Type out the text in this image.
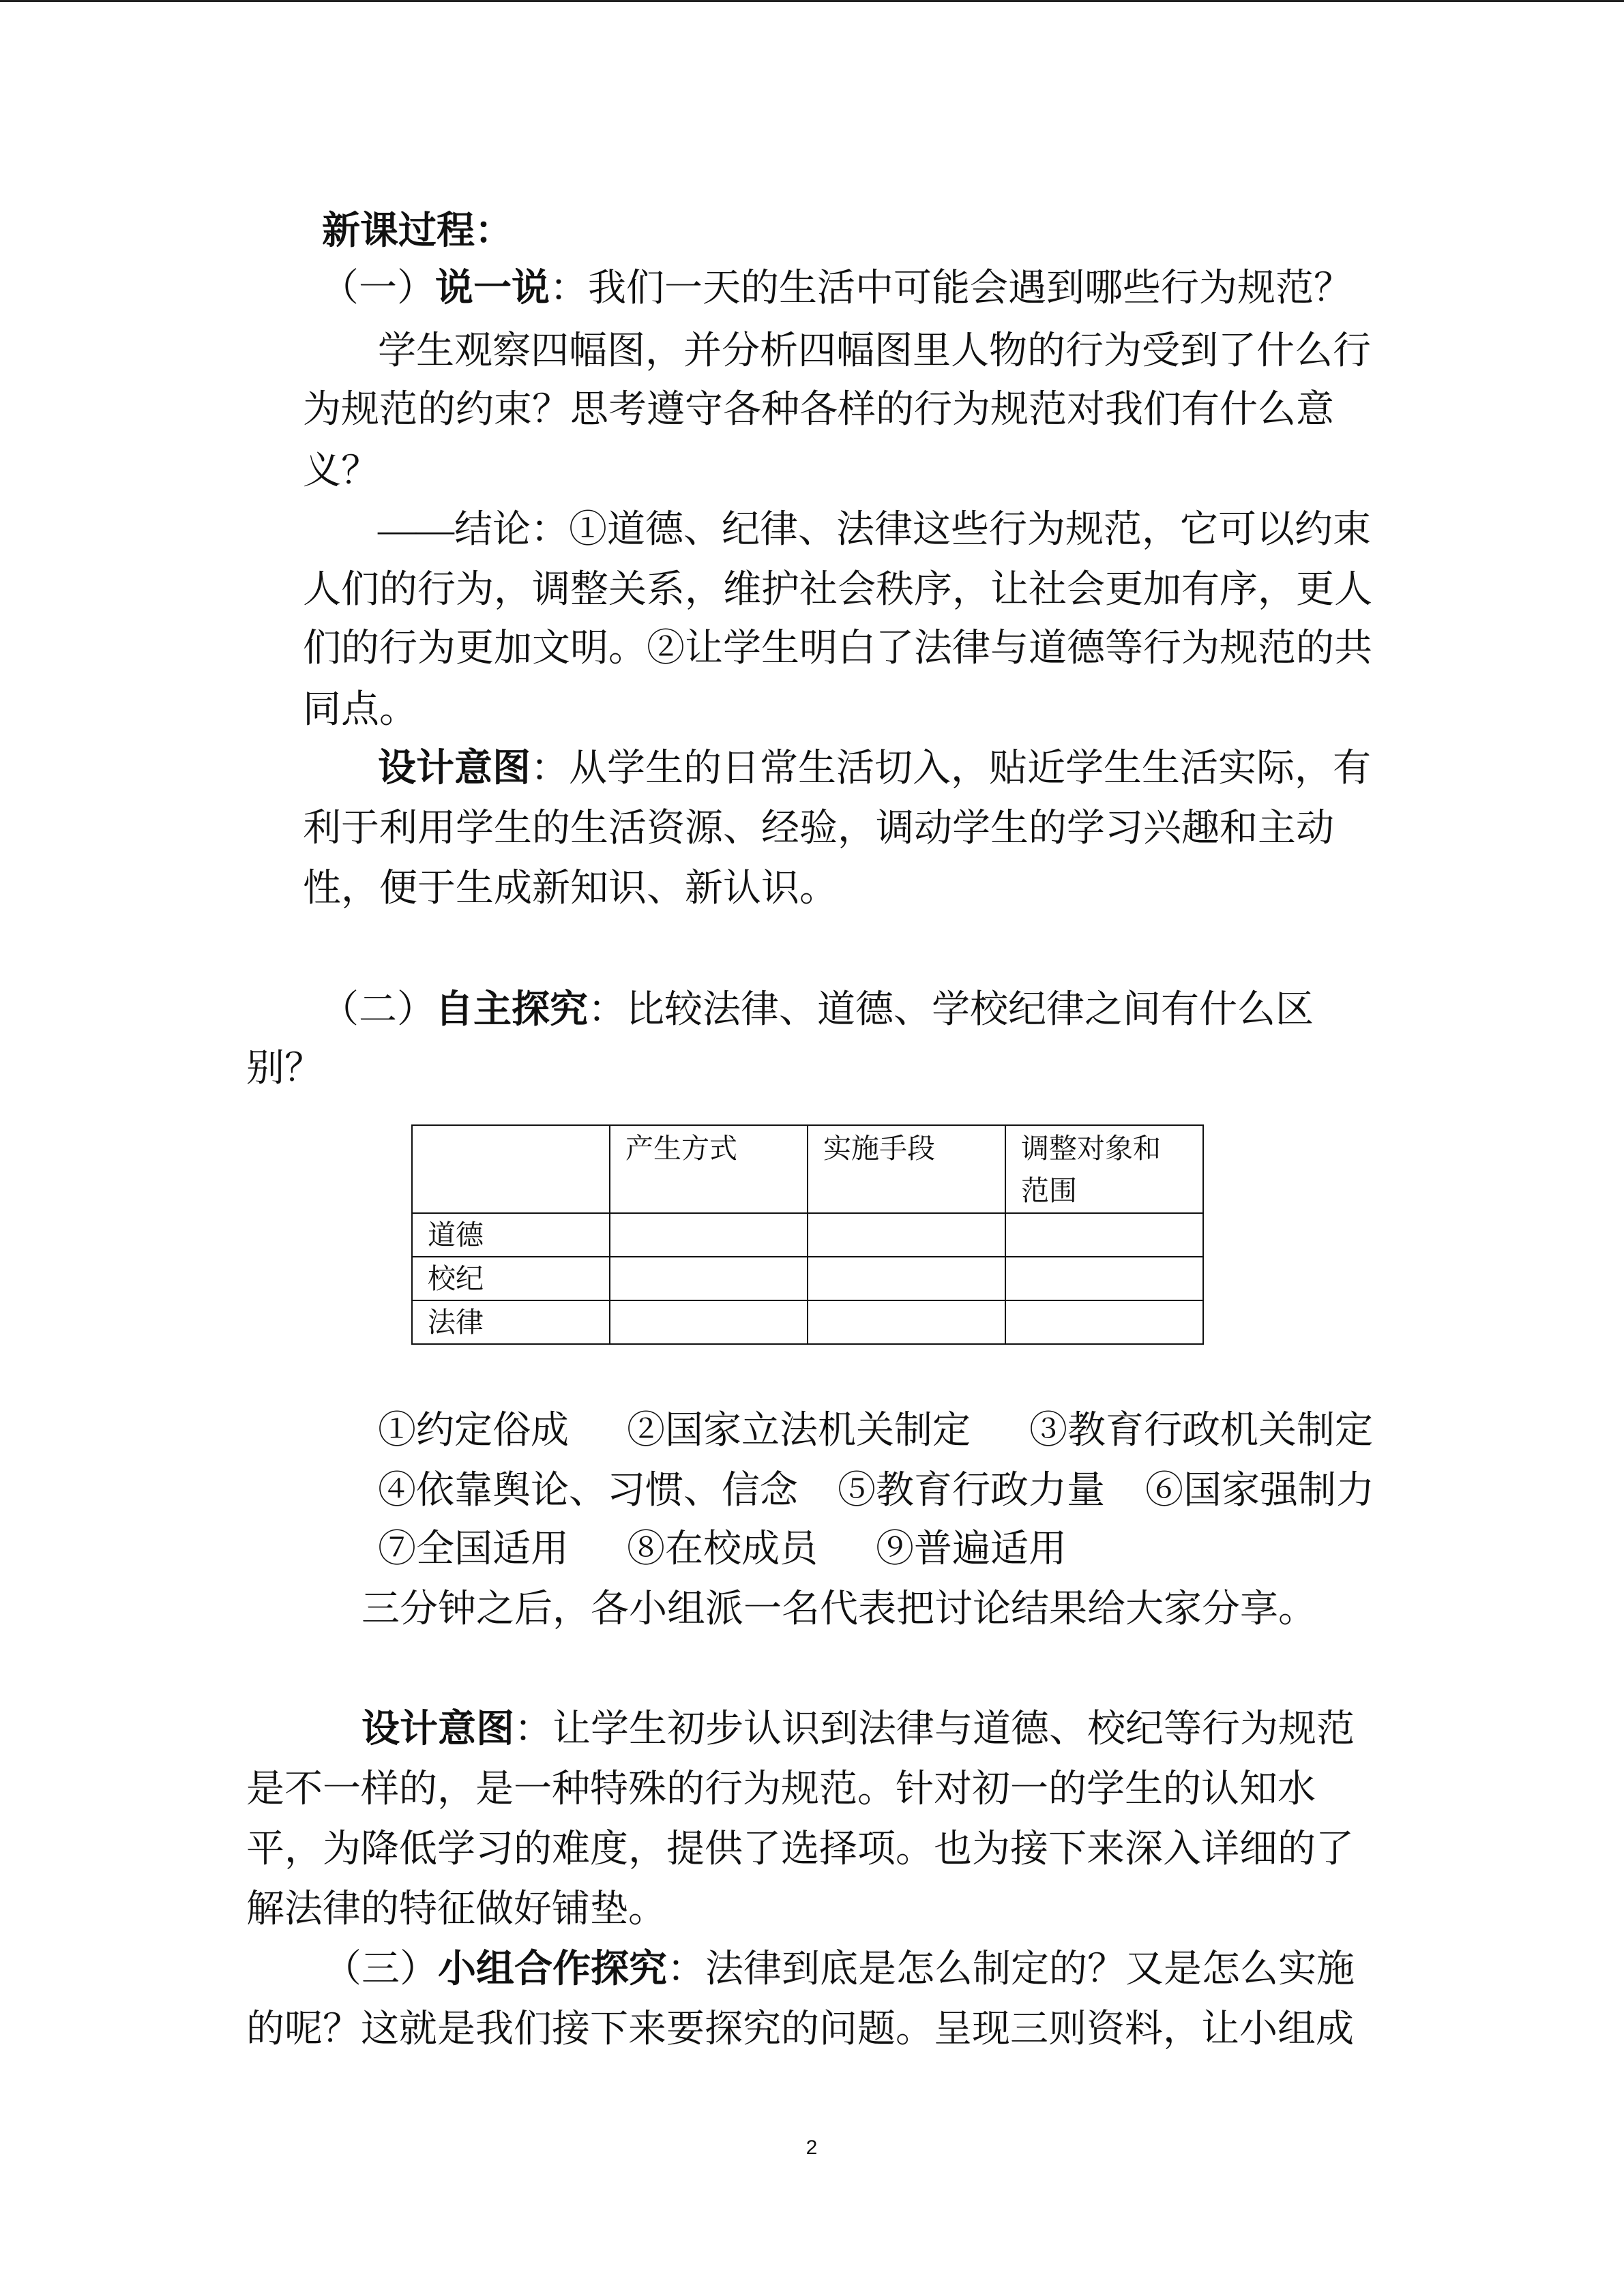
新课过程：
（一）说一说：我们一天的生活中可能会遇到哪些行为规范？
学生观察四幅图，并分析四幅图里人物的行为受到了什么行
为规范的约束？思考遵守各种各样的行为规范对我们有什么意
义？
——结论：①道德、纪律、法律这些行为规范，它可以约束
人们的行为，调整关系，维护社会秩序，让社会更加有序，更人
们的行为更加文明。②让学生明白了法律与道德等行为规范的共
同点。
设计意图：从学生的日常生活切入，贴近学生生活实际，有
利于利用学生的生活资源、经验，调动学生的学习兴趣和主动
性，便于生成新知识、新认识。
（二）自主探究：比较法律、道德、学校纪律之间有什么区
别？
	产生方式	实施手段	调整对象和
范围
道德			
校纪			
法律			
①约定俗成 ②国家立法机关制定 ③教育行政机关制定
④依靠舆论、习惯、信念 ⑤教育行政力量 ⑥国家强制力
⑦全国适用 ⑧在校成员 ⑨普遍适用
三分钟之后，各小组派一名代表把讨论结果给大家分享。
设计意图：让学生初步认识到法律与道德、校纪等行为规范
是不一样的，是一种特殊的行为规范。针对初一的学生的认知水
平，为降低学习的难度，提供了选择项。也为接下来深入详细的了
解法律的特征做好铺垫。
（三）小组合作探究：法律到底是怎么制定的？又是怎么实施
的呢？这就是我们接下来要探究的问题。呈现三则资料，让小组成
2
